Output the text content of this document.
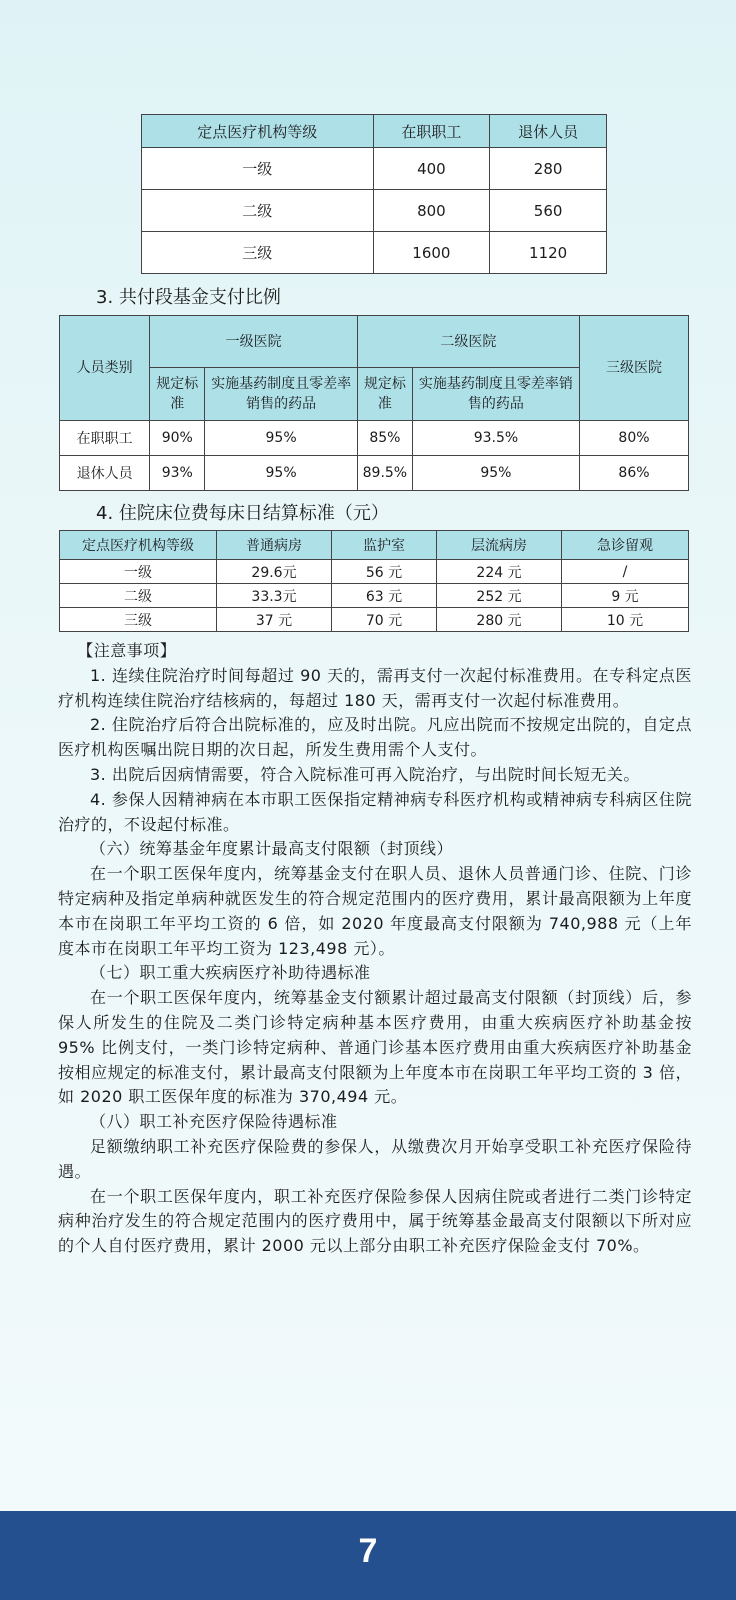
定点医疗机构等级	在职职工	退休人员
一级	400	280
二级	800	560
三级	1600	1120
3. 共付段基金支付比例
人员类别	一级医院		二级医院		三级医院
	规定标准	实施基药制度且零差率销售的药品	规定标准	实施基药制度且零差率销售的药品	
在职职工	90%	95%	85%	93.5%	80%
退休人员	93%	95%	89.5%	95%	86%
4. 住院床位费每床日结算标准（元）
定点医疗机构等级	普通病房	监护室	层流病房	急诊留观
一级	29.6元	56 元	224 元	/
二级	33.3元	63 元	252 元	9 元
三级	37 元	70 元	280 元	10 元

【注意事项】

1. 连续住院治疗时间每超过 90 天的，需再支付一次起付标准费用。在专科定点医疗机构连续住院治疗结核病的，每超过 180 天，需再支付一次起付标准费用。

2. 住院治疗后符合出院标准的，应及时出院。凡应出院而不按规定出院的，自定点医疗机构医嘱出院日期的次日起，所发生费用需个人支付。

3. 出院后因病情需要，符合入院标准可再入院治疗，与出院时间长短无关。

4. 参保人因精神病在本市职工医保指定精神病专科医疗机构或精神病专科病区住院治疗的，不设起付标准。

（六）统筹基金年度累计最高支付限额（封顶线）

在一个职工医保年度内，统筹基金支付在职人员、退休人员普通门诊、住院、门诊特定病种及指定单病种就医发生的符合规定范围内的医疗费用，累计最高限额为上年度本市在岗职工年平均工资的 6 倍，如 2020 年度最高支付限额为 740,988 元（上年度本市在岗职工年平均工资为 123,498 元）。

（七）职工重大疾病医疗补助待遇标准

在一个职工医保年度内，统筹基金支付额累计超过最高支付限额（封顶线）后，参保人所发生的住院及二类门诊特定病种基本医疗费用，由重大疾病医疗补助基金按 95% 比例支付，一类门诊特定病种、普通门诊基本医疗费用由重大疾病医疗补助基金按相应规定的标准支付，累计最高支付限额为上年度本市在岗职工年平均工资的 3 倍，如 2020 职工医保年度的标准为 370,494 元。

（八）职工补充医疗保险待遇标准

足额缴纳职工补充医疗保险费的参保人，从缴费次月开始享受职工补充医疗保险待遇。

在一个职工医保年度内，职工补充医疗保险参保人因病住院或者进行二类门诊特定病种治疗发生的符合规定范围内的医疗费用中，属于统筹基金最高支付限额以下所对应的个人自付医疗费用，累计 2000 元以上部分由职工补充医疗保险金支付 70%。

7
